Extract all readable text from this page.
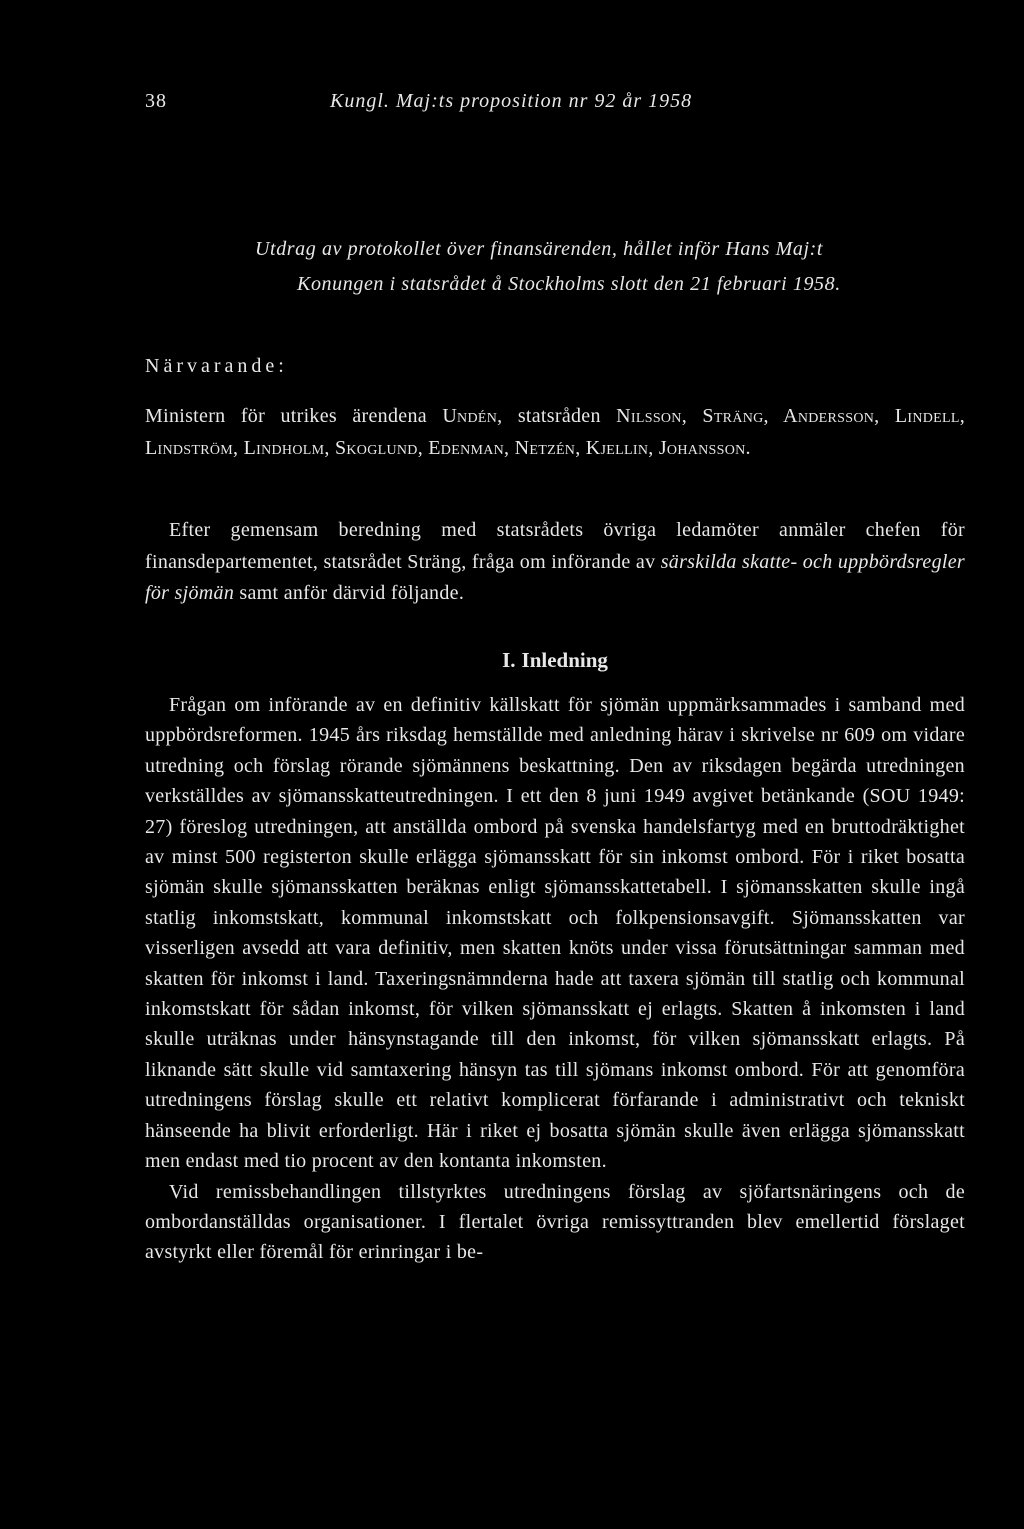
38	Kungl. Maj:ts proposition nr 92 år 1958
Utdrag av protokollet över finansärenden, hållet inför Hans Maj:t
Konungen i statsrådet å Stockholms slott den 21 februari 1958.
Närvarande:

Ministern för utrikes ärendena Undén, statsråden Nilsson, Sträng, Andersson, Lindell, Lindström, Lindholm, Skoglund, Edenman, Netzén, Kjellin, Johansson.

Efter gemensam beredning med statsrådets övriga ledamöter anmäler chefen för finansdepartementet, statsrådet Sträng, fråga om införande av särskilda skatte- och uppbördsregler för sjömän samt anför därvid följande.

I. Inledning

Frågan om införande av en definitiv källskatt för sjömän uppmärksammades i samband med uppbördsreformen. 1945 års riksdag hemställde med anledning härav i skrivelse nr 609 om vidare utredning och förslag rörande sjömännens beskattning. Den av riksdagen begärda utredningen verkställdes av sjömansskatteutredningen. I ett den 8 juni 1949 avgivet betänkande (SOU 1949: 27) föreslog utredningen, att anställda ombord på svenska handelsfartyg med en bruttodräktighet av minst 500 registerton skulle erlägga sjömansskatt för sin inkomst ombord. För i riket bosatta sjömän skulle sjömansskatten beräknas enligt sjömansskattetabell. I sjömansskatten skulle ingå statlig inkomstskatt, kommunal inkomstskatt och folkpensionsavgift. Sjömansskatten var visserligen avsedd att vara definitiv, men skatten knöts under vissa förutsättningar samman med skatten för inkomst i land. Taxeringsnämnderna hade att taxera sjömän till statlig och kommunal inkomstskatt för sådan inkomst, för vilken sjömansskatt ej erlagts. Skatten å inkomsten i land skulle uträknas under hänsynstagande till den inkomst, för vilken sjömansskatt erlagts. På liknande sätt skulle vid samtaxering hänsyn tas till sjömans inkomst ombord. För att genomföra utredningens förslag skulle ett relativt komplicerat förfarande i administrativt och tekniskt hänseende ha blivit erforderligt. Här i riket ej bosatta sjömän skulle även erlägga sjömansskatt men endast med tio procent av den kontanta inkomsten.

Vid remissbehandlingen tillstyrktes utredningens förslag av sjöfartsnäringens och de ombordanställdas organisationer. I flertalet övriga remissyttranden blev emellertid förslaget avstyrkt eller föremål för erinringar i be-
